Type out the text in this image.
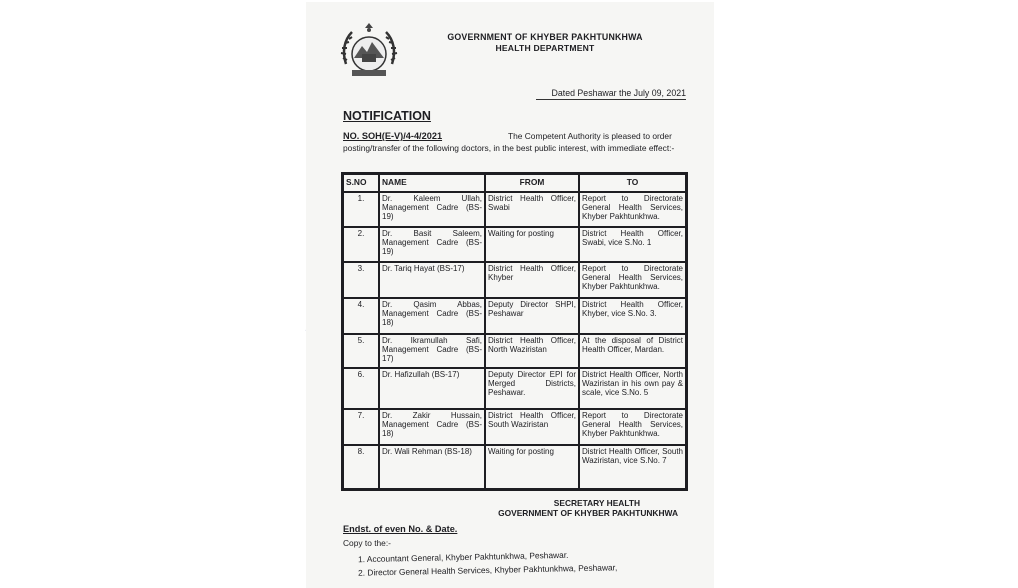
GOVERNMENT OF KHYBER PAKHTUNKHWA
HEALTH DEPARTMENT
Dated Peshawar the July 09, 2021
NOTIFICATION
NO. SOH(E-V)/4-4/2021	The Competent Authority is pleased to order
posting/transfer of the following doctors, in the best public interest, with immediate effect:-
S.NO	NAME	FROM	TO
1.	Dr. Kaleem Ullah, Management Cadre (BS-19)	District Health Officer, Swabi	Report to Directorate General Health Services, Khyber Pakhtunkhwa.
2.	Dr. Basit Saleem, Management Cadre (BS-19)	Waiting for posting	District Health Officer, Swabi, vice S.No. 1
3.	Dr. Tariq Hayat (BS-17)	District Health Officer, Khyber	Report to Directorate General Health Services, Khyber Pakhtunkhwa.
4.	Dr. Qasim Abbas, Management Cadre (BS-18)	Deputy Director SHPI, Peshawar	District Health Officer, Khyber, vice S.No. 3.
5.	Dr. Ikramullah Safi, Management Cadre (BS-17)	District Health Officer, North Waziristan	At the disposal of District Health Officer, Mardan.
6.	Dr. Hafizullah (BS-17)	Deputy Director EPI for Merged Districts, Peshawar.	District Health Officer, North Waziristan in his own pay & scale, vice S.No. 5
7.	Dr. Zakir Hussain, Management Cadre (BS-18)	District Health Officer, South Waziristan	Report to Directorate General Health Services, Khyber Pakhtunkhwa.
8.	Dr. Wali Rehman (BS-18)	Waiting for posting	District Health Officer, South Waziristan, vice S.No. 7
SECRETARY HEALTH
GOVERNMENT OF KHYBER PAKHTUNKHWA
Endst. of even No. & Date.
Copy to the:-
1. Accountant General, Khyber Pakhtunkhwa, Peshawar.
2. Director General Health Services, Khyber Pakhtunkhwa, Peshawar,
